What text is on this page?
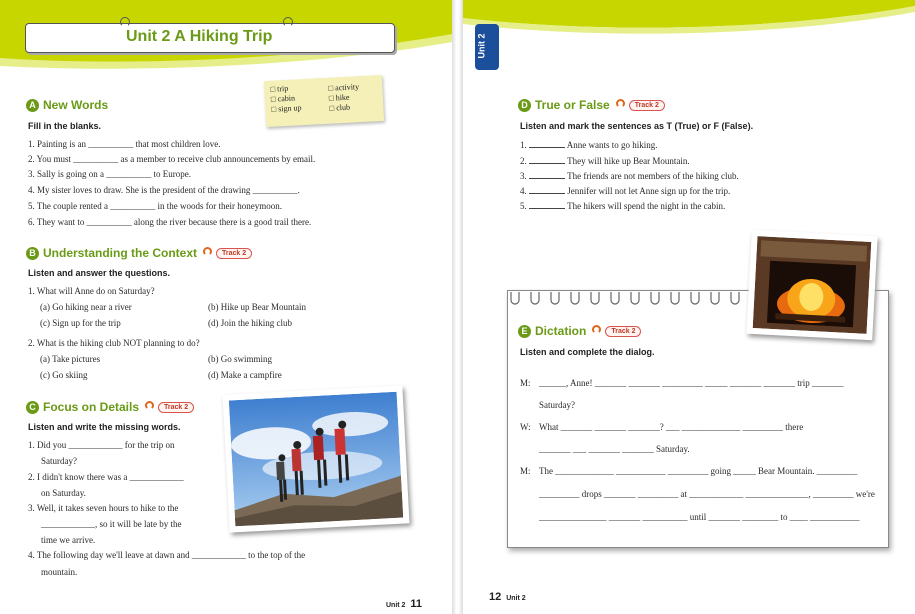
Unit 2 A Hiking Trip
□ trip
□ cabin
□ sign up
□ activity
□ hike
□ club
A New Words
Fill in the blanks.
1. Painting is an __________ that most children love.
2. You must __________ as a member to receive club announcements by email.
3. Sally is going on a __________ to Europe.
4. My sister loves to draw. She is the president of the drawing __________.
5. The couple rented a __________ in the woods for their honeymoon.
6. They want to __________ along the river because there is a good trail there.
B Understanding the Context	Track 2
Listen and answer the questions.
1. What will Anne do on Saturday?
(a) Go hiking near a river	(b) Hike up Bear Mountain
(c) Sign up for the trip	(d) Join the hiking club
2. What is the hiking club NOT planning to do?
(a) Take pictures	(b) Go swimming
(c) Go skiing	(d) Make a campfire
C Focus on Details	Track 2
Listen and write the missing words.
1. Did you ____________ for the trip on
Saturday?
2. I didn't know there was a ____________
on Saturday.
3. Well, it takes seven hours to hike to the
____________, so it will be late by the
time we arrive.
4. The following day we'll leave at dawn and ____________ to the top of the
mountain.
Unit 2 11
Unit 2
D True or False	Track 2
Listen and mark the sentences as T (True) or F (False).
1.	Anne wants to go hiking.
2.	They will hike up Bear Mountain.
3.	The friends are not members of the hiking club.
4.	Jennifer will not let Anne sign up for the trip.
5.	The hikers will spend the night in the cabin.
E Dictation	Track 2
Listen and complete the dialog.
M: ______, Anne! _______ _______ _________ _____ _______ _______ trip _______
Saturday?
W: What _______ _______ _______? ___ _____________ _________ there
_______ ___ _______ _______ Saturday.
M: The _____________ ___________ _________ going _____ Bear Mountain. _________
_________ drops _______ _________ at ____________ ______________, _________ we're
_______________ _______ __________ until _______ ________ to ____ ___________
12 Unit 2
